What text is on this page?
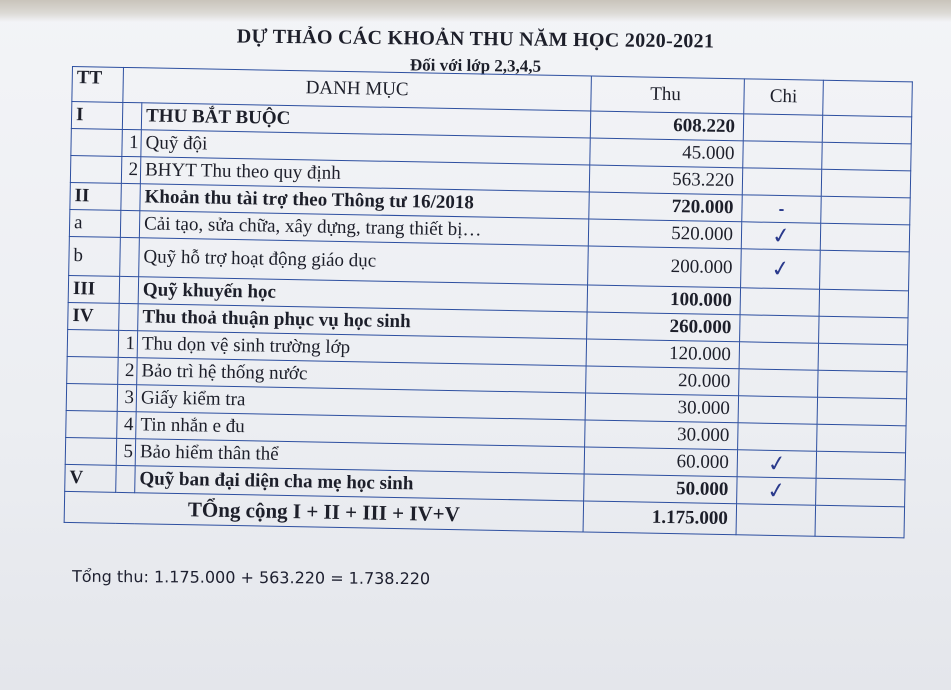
DỰ THẢO CÁC KHOẢN THU NĂM HỌC 2020-2021
Đối với lớp 2,3,4,5
TT	DANH MỤC		Thu	Chi	
I		THU BẮT BUỘC	608.220		
	1	Quỹ đội	45.000		
	2	BHYT Thu theo quy định	563.220		
II		Khoản thu tài trợ theo Thông tư 16/2018	720.000	-	
a		Cải tạo, sửa chữa, xây dựng, trang thiết bị…	520.000	✓	
b		Quỹ hỗ trợ hoạt động giáo dục	200.000	✓	
III		Quỹ khuyến học	100.000		
IV		Thu thoả thuận phục vụ học sinh	260.000		
	1	Thu dọn vệ sinh trường lớp	120.000		
	2	Bảo trì hệ thống nước	20.000		
	3	Giấy kiểm tra	30.000		
	4	Tin nhắn e đu	30.000		
	5	Bảo hiểm thân thể	60.000	✓	
V		Quỹ ban đại diện cha mẹ học sinh	50.000	✓	
TỔng cộng I + II + III + IV+V			1.175.000		
Tổng thu: 1.175.000 + 563.220 = 1.738.220
